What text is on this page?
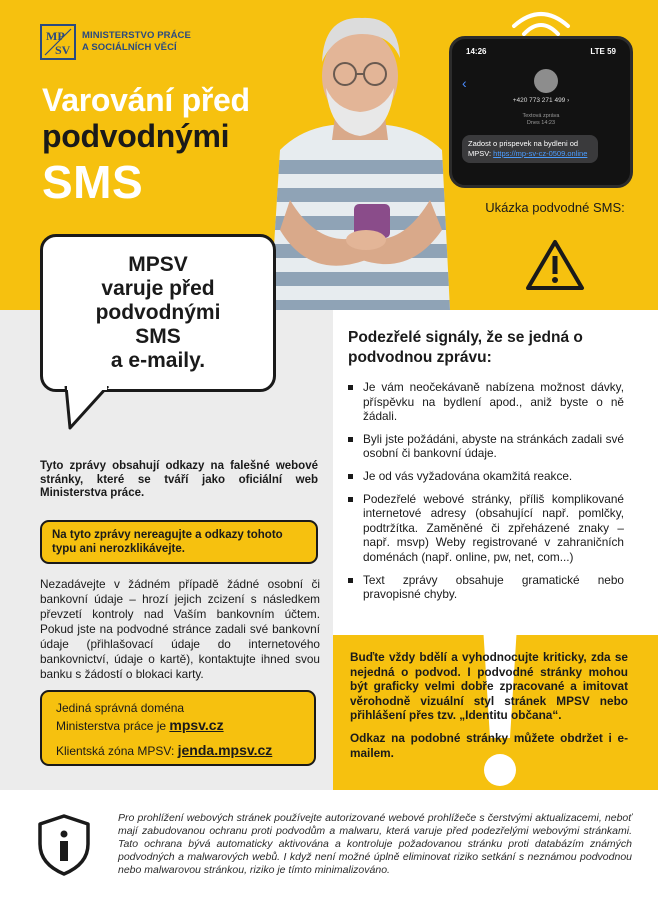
MP
SV
MINISTERSTVO PRÁCE
A SOCIÁLNÍCH VĚCÍ
Varování před
podvodnými
SMS
14:26	LTE 59
‹
+420 773 271 499 ›
Textová zpráva
Dnes 14:23
Zadost o prispevek na bydleni od MPSV: https://mp-sv-cz-0509.online
Ukázka podvodné SMS:
MPSV
varuje před
podvodnými
SMS
a e-maily.
Tyto zprávy obsahují odkazy na falešné webové stránky, které se tváří jako oficiální web Ministerstva práce.
Na tyto zprávy nereagujte a odkazy tohoto typu ani nerozklikávejte.
Nezadávejte v žádném případě žádné osobní či bankovní údaje – hrozí jejich zcizení s následkem převzetí kontroly nad Vaším bankovním účtem. Pokud jste na podvodné stránce zadali své bankovní údaje (přihlašovací údaje do internetového bankovnictví, údaje o kartě), kontaktujte ihned svou banku s žádostí o blokaci karty.
Jediná správná doména
Ministerstva práce je mpsv.cz
Klientská zóna MPSV: jenda.mpsv.cz
Podezřelé signály, že se jedná o podvodnou zprávu:
Je vám neočekávaně nabízena možnost dávky, příspěvku na bydlení apod., aniž byste o ně žádali.
Byli jste požádáni, abyste na stránkách zadali své osobní či bankovní údaje.
Je od vás vyžadována okamžitá reakce.
Podezřelé webové stránky, příliš komplikované internetové adresy (obsahující např. pomlčky, podtržítka. Zaměněné či zpřeházené znaky – např. msvp) Weby registrované v zahraničních doménách (např. online, pw, net, com...)
Text zprávy obsahuje gramatické nebo pravopisné chyby.

Buďte vždy bdělí a vyhodnocujte kriticky, zda se nejedná o podvod. I podvodné stránky mohou být graficky velmi dobře zpracované a imitovat věrohodně vizuální styl stránek MPSV nebo přihlášení přes tzv. „Identitu občana“.

Odkaz na podobné stránky můžete obdržet i e-mailem.

Pro prohlížení webových stránek používejte autorizované webové prohlížeče s čerstvými aktualizacemi, neboť mají zabudovanou ochranu proti podvodům a malwaru, která varuje před podezřelými webovými stránkami. Tato ochrana bývá automaticky aktivována a kontroluje požadovanou stránku proti databázím známých podvodných a malwarových webů. I když není možné úplně eliminovat riziko setkání s neznámou podvodnou nebo malwarovou stránkou, riziko je tímto minimalizováno.
